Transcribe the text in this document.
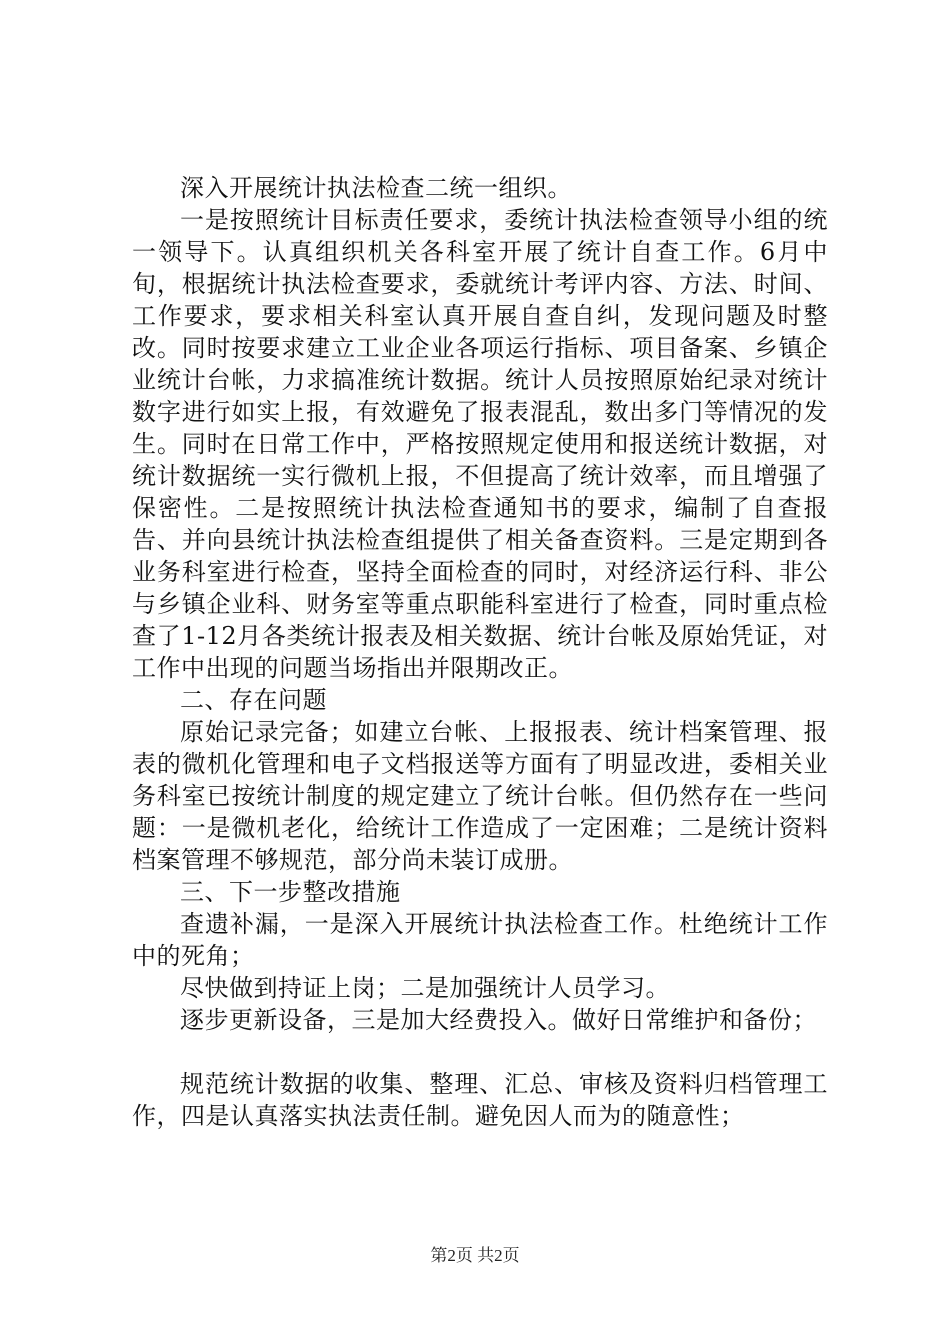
深入开展统计执法检查二统一组织。

一是按照统计目标责任要求，委统计执法检查领导小组的统一领导下。认真组织机关各科室开展了统计自查工作。6月中旬，根据统计执法检查要求，委就统计考评内容、方法、时间、工作要求，要求相关科室认真开展自查自纠，发现问题及时整改。同时按要求建立工业企业各项运行指标、项目备案、乡镇企业统计台帐，力求搞准统计数据。统计人员按照原始纪录对统计数字进行如实上报，有效避免了报表混乱，数出多门等情况的发生。同时在日常工作中，严格按照规定使用和报送统计数据，对统计数据统一实行微机上报，不但提高了统计效率，而且增强了保密性。二是按照统计执法检查通知书的要求，编制了自查报告、并向县统计执法检查组提供了相关备查资料。三是定期到各业务科室进行检查，坚持全面检查的同时，对经济运行科、非公与乡镇企业科、财务室等重点职能科室进行了检查，同时重点检查了1-12月各类统计报表及相关数据、统计台帐及原始凭证，对工作中出现的问题当场指出并限期改正。

二、存在问题

原始记录完备；如建立台帐、上报报表、统计档案管理、报表的微机化管理和电子文档报送等方面有了明显改进，委相关业务科室已按统计制度的规定建立了统计台帐。但仍然存在一些问题：一是微机老化，给统计工作造成了一定困难；二是统计资料档案管理不够规范，部分尚未装订成册。

三、下一步整改措施

查遗补漏，一是深入开展统计执法检查工作。杜绝统计工作中的死角；

尽快做到持证上岗；二是加强统计人员学习。

逐步更新设备，三是加大经费投入。做好日常维护和备份；

规范统计数据的收集、整理、汇总、审核及资料归档管理工作，四是认真落实执法责任制。避免因人而为的随意性；

第2页 共2页
